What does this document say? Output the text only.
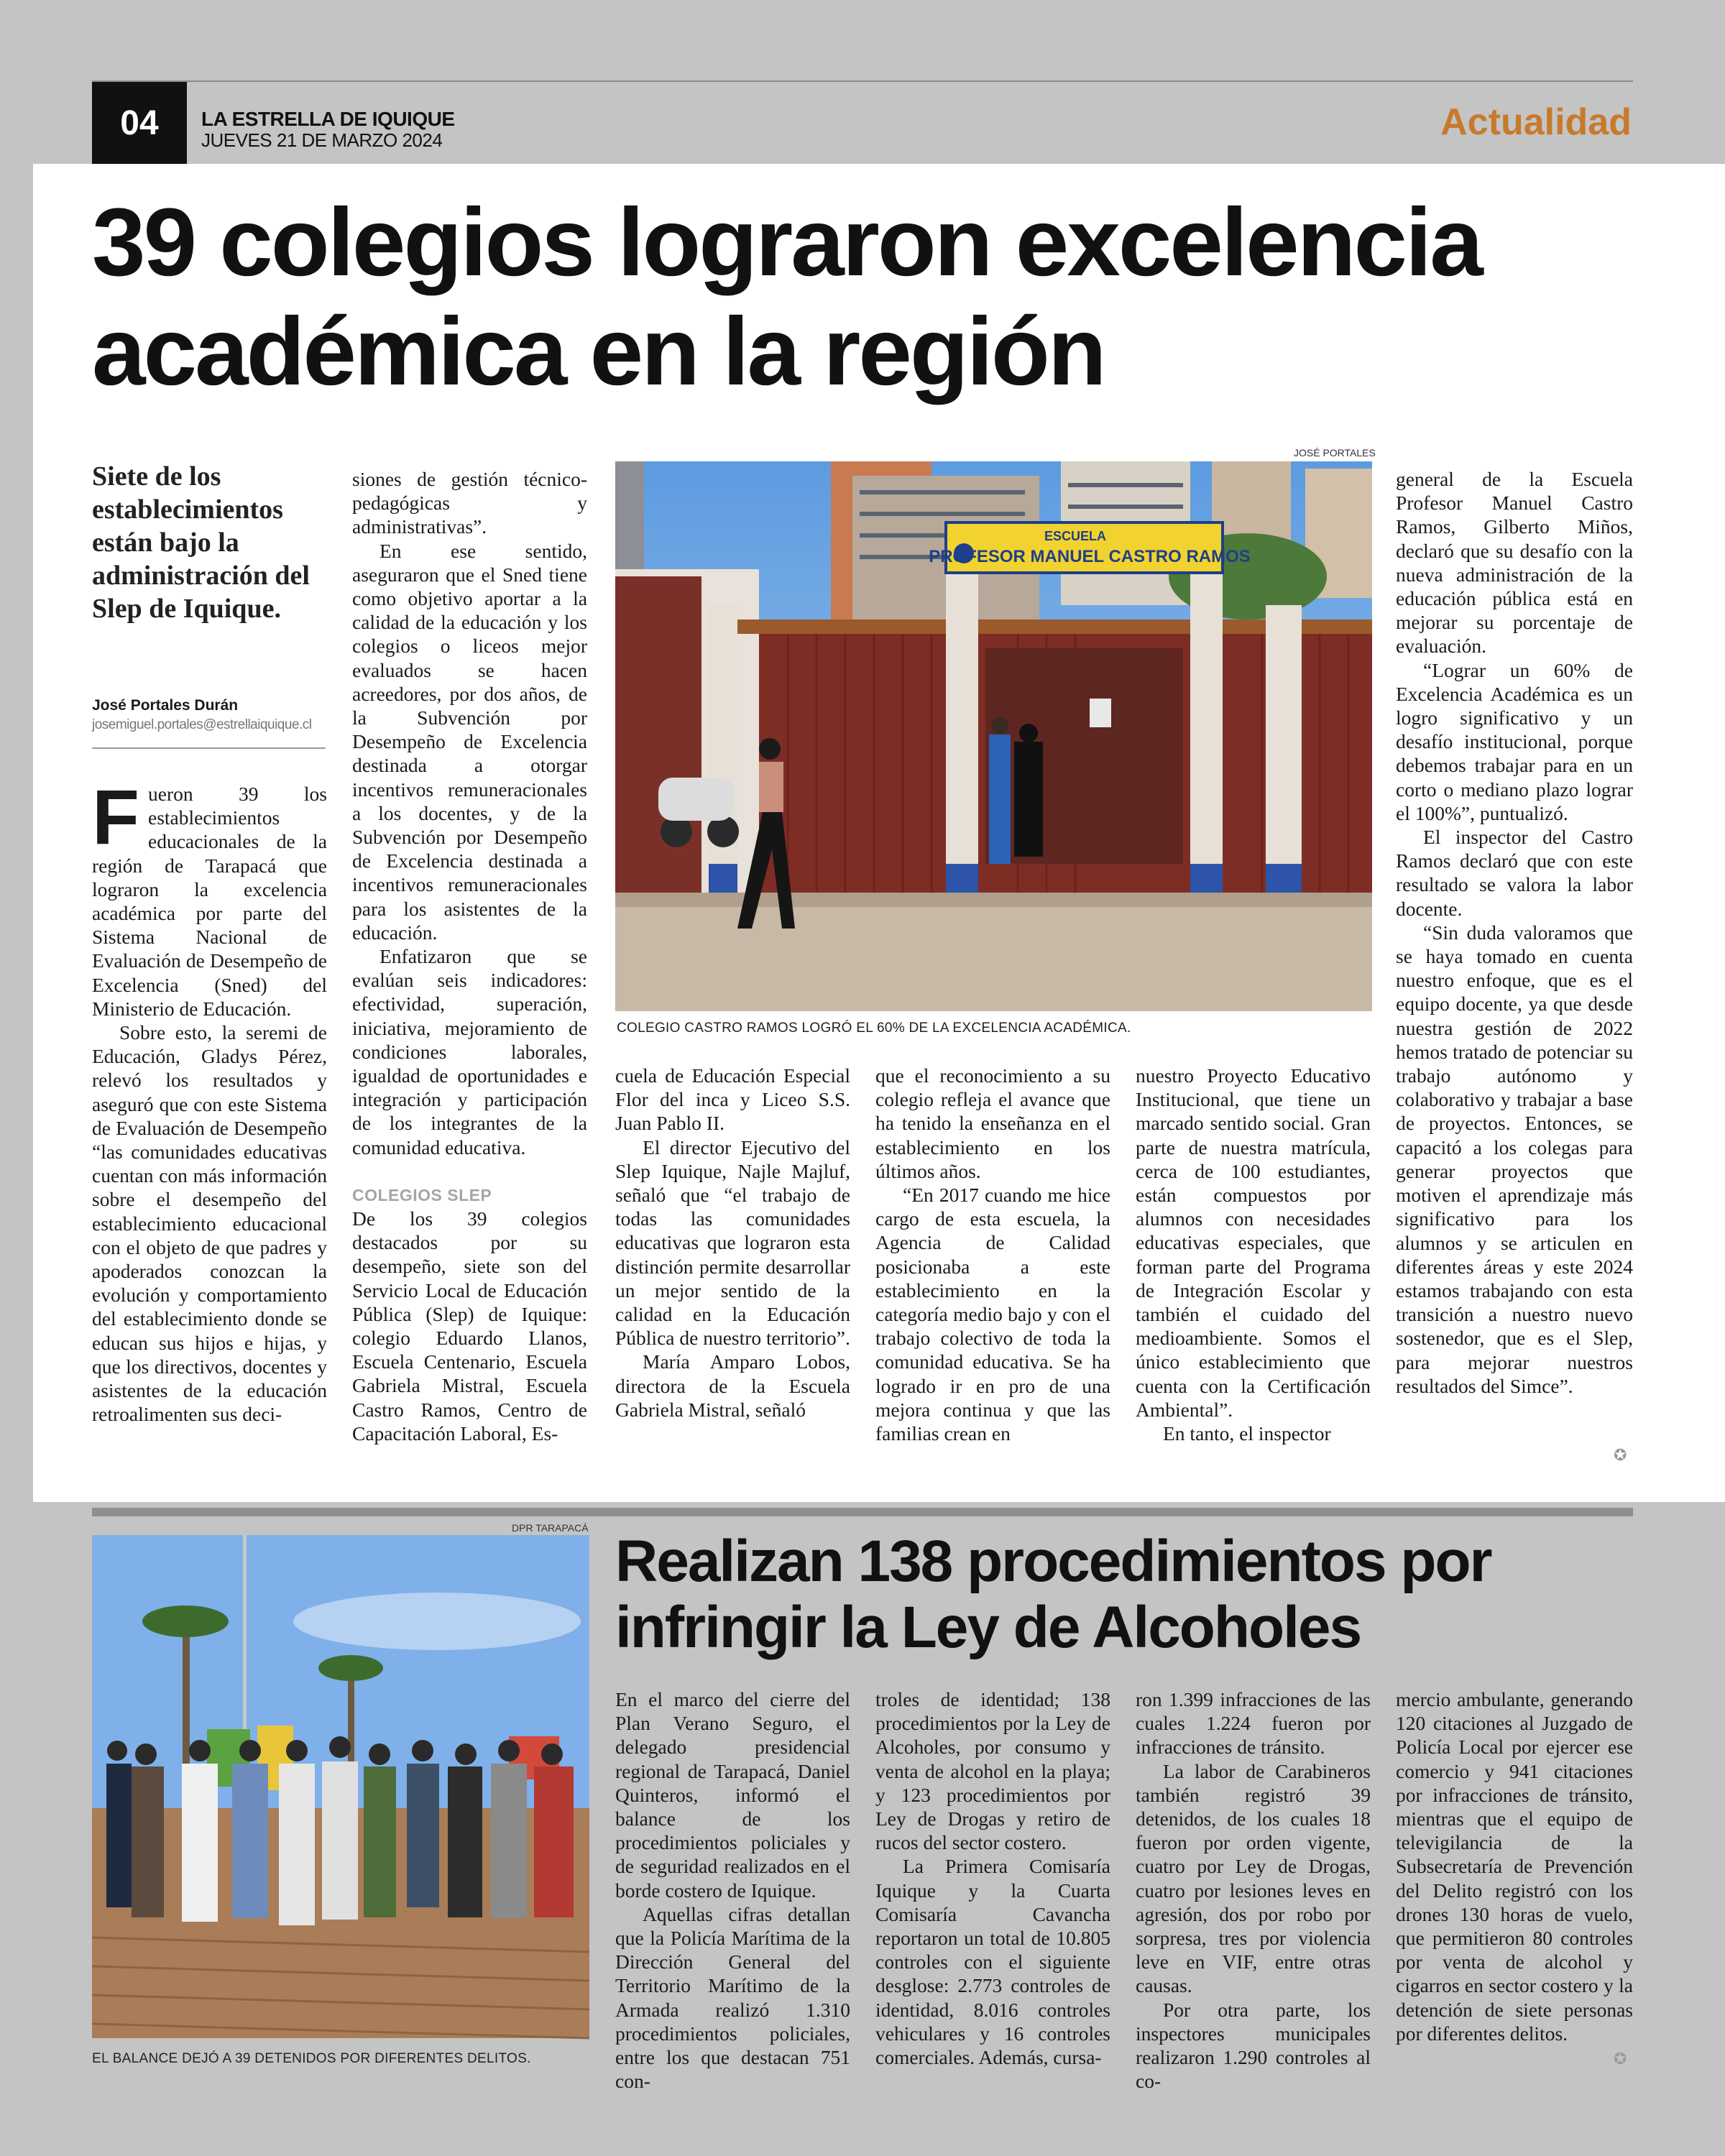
04 LA ESTRELLA DE IQUIQUE
JUEVES 21 DE MARZO 2024	Actualidad
39 colegios lograron excelencia
académica en la región
Siete de los establecimientos están bajo la administración del Slep de Iquique.
José Portales Durán
josemiguel.portales@estrellaiquique.cl
F ueron 39 los establecimientos educacionales de la región de Tarapacá que lograron la excelencia académica por parte del Sistema Nacional de Evaluación de Desempeño de Excelencia (Sned) del Ministerio de Educación.

Sobre esto, la seremi de Educación, Gladys Pérez, relevó los resultados y aseguró que con este Sistema de Evaluación de Desempeño “las comunidades educativas cuentan con más información sobre el desempeño del establecimiento educacional con el objeto de que padres y apoderados conozcan la evolución y comportamiento del establecimiento donde se educan sus hijos e hijas, y que los directivos, docentes y asistentes de la educación retroalimenten sus deci-

siones de gestión técnico-pedagógicas y administrativas”.

En ese sentido, aseguraron que el Sned tiene como objetivo aportar a la calidad de la educación y los colegios o liceos mejor evaluados se hacen acreedores, por dos años, de la Subvención por Desempeño de Excelencia destinada a otorgar incentivos remuneracionales a los docentes, y de la Subvención por Desempeño de Excelencia destinada a incentivos remuneracionales para los asistentes de la educación.

Enfatizaron que se evalúan seis indicadores: efectividad, superación, iniciativa, mejoramiento de condiciones laborales, igualdad de oportunidades e integración y participación de los integrantes de la comunidad educativa.

COLEGIOS SLEP

De los 39 colegios destacados por su desempeño, siete son del Servicio Local de Educación Pública (Slep) de Iquique: colegio Eduardo Llanos, Escuela Centenario, Escuela Gabriela Mistral, Escuela Castro Ramos, Centro de Capacitación Laboral, Es-

JOSÉ PORTALES
ESCUELA
PROFESOR MANUEL CASTRO RAMOS
COLEGIO CASTRO RAMOS LOGRÓ EL 60% DE LA EXCELENCIA ACADÉMICA.

cuela de Educación Especial Flor del inca y Liceo S.S. Juan Pablo II.

El director Ejecutivo del Slep Iquique, Najle Majluf, señaló que “el trabajo de todas las comunidades educativas que lograron esta distinción permite desarrollar un mejor sentido de la calidad en la Educación Pública de nuestro territorio”.

María Amparo Lobos, directora de la Escuela Gabriela Mistral, señaló

que el reconocimiento a su colegio refleja el avance que ha tenido la enseñanza en el establecimiento en los últimos años.

“En 2017 cuando me hice cargo de esta escuela, la Agencia de Calidad posicionaba a este establecimiento en la categoría medio bajo y con el trabajo colectivo de toda la comunidad educativa. Se ha logrado ir en pro de una mejora continua y que las familias crean en

nuestro Proyecto Educativo Institucional, que tiene un marcado sentido social. Gran parte de nuestra matrícula, cerca de 100 estudiantes, están compuestos por alumnos con necesidades educativas especiales, que forman parte del Programa de Integración Escolar y también el cuidado del medioambiente. Somos el único establecimiento que cuenta con la Certificación Ambiental”.

En tanto, el inspector

general de la Escuela Profesor Manuel Castro Ramos, Gilberto Miños, declaró que su desafío con la nueva administración de la educación pública está en mejorar su porcentaje de evaluación.

“Lograr un 60% de Excelencia Académica es un logro significativo y un desafío institucional, porque debemos trabajar para en un corto o mediano plazo lograr el 100%”, puntualizó.

El inspector del Castro Ramos declaró que con este resultado se valora la labor docente.

“Sin duda valoramos que se haya tomado en cuenta nuestro enfoque, que es el equipo docente, ya que desde nuestra gestión de 2022 hemos tratado de potenciar su trabajo autónomo y colaborativo y trabajar a base de proyectos. Entonces, se capacitó a los colegas para generar proyectos que motiven el aprendizaje más significativo para los alumnos y se articulen en diferentes áreas y este 2024 estamos trabajando con esta transición a nuestro nuevo sostenedor, que es el Slep, para mejorar nuestros resultados del Simce”.

✪
DPR TARAPACÁ
EL BALANCE DEJÓ A 39 DETENIDOS POR DIFERENTES DELITOS.
Realizan 138 procedimientos por
infringir la Ley de Alcoholes

En el marco del cierre del Plan Verano Seguro, el delegado presidencial regional de Tarapacá, Daniel Quinteros, informó el balance de los procedimientos policiales y de seguridad realizados en el borde costero de Iquique.

Aquellas cifras detallan que la Policía Marítima de la Dirección General del Territorio Marítimo de la Armada realizó 1.310 procedimientos policiales, entre los que destacan 751 con-

troles de identidad; 138 procedimientos por la Ley de Alcoholes, por consumo y venta de alcohol en la playa; y 123 procedimientos por Ley de Drogas y retiro de rucos del sector costero.

La Primera Comisaría Iquique y la Cuarta Comisaría Cavancha reportaron un total de 10.805 controles con el siguiente desglose: 2.773 controles de identidad, 8.016 controles vehiculares y 16 controles comerciales. Además, cursa-

ron 1.399 infracciones de las cuales 1.224 fueron por infracciones de tránsito.

La labor de Carabineros también registró 39 detenidos, de los cuales 18 fueron por orden vigente, cuatro por Ley de Drogas, cuatro por lesiones leves en agresión, dos por robo por sorpresa, tres por violencia leve en VIF, entre otras causas.

Por otra parte, los inspectores municipales realizaron 1.290 controles al co-

mercio ambulante, generando 120 citaciones al Juzgado de Policía Local por ejercer ese comercio y 941 citaciones por infracciones de tránsito, mientras que el equipo de televigilancia de la Subsecretaría de Prevención del Delito registró con los drones 130 horas de vuelo, que permitieron 80 controles por venta de alcohol y cigarros en sector costero y la detención de siete personas por diferentes delitos.

✪
